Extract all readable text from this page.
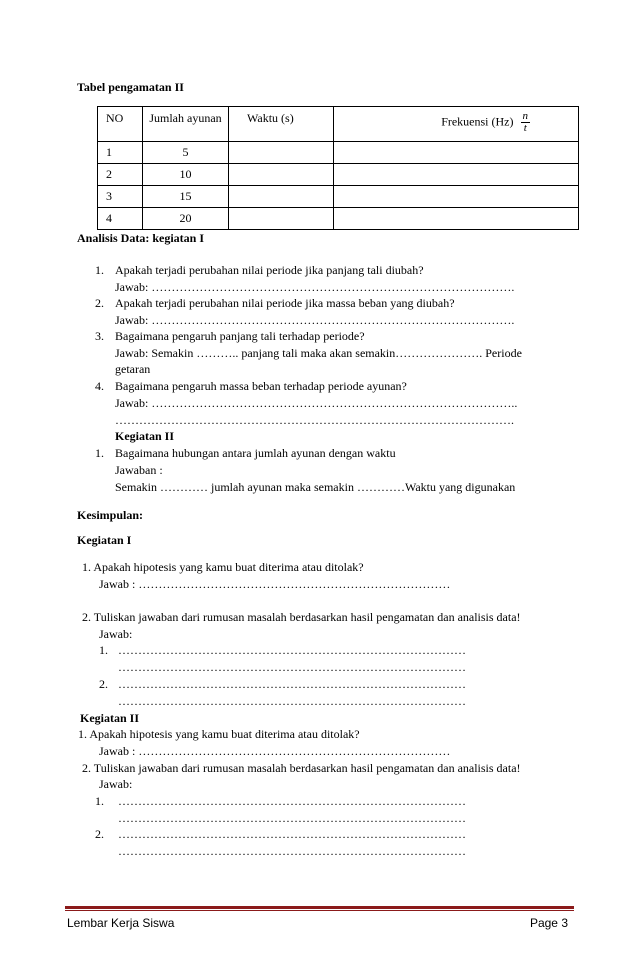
Tabel pengamatan II
NO	Jumlah ayunan	Waktu (s)	Frekuensi $(Hz) \frac{n}{t}$

1	5		
2	10		
3	15		
4	20		
Analisis Data: kegiatan I
1. Apakah terjadi perubahan nilai periode jika panjang tali diubah?
Jawab: ……………………………………………………………………………….
2. Apakah terjadi perubahan nilai periode jika massa beban yang diubah?
Jawab: ……………………………………………………………………………….
3. Bagaimana pengaruh panjang tali terhadap periode?
Jawab: Semakin ……….. panjang tali maka akan semakin…………………. Periode
getaran
4. Bagaimana pengaruh massa beban terhadap periode ayunan?
Jawab: ………………………………………………………………………………..
……………………………………………………………………………………….
Kegiatan II
1. Bagaimana hubungan antara jumlah ayunan dengan waktu
Jawaban :
Semakin ………… jumlah ayunan maka semakin …………Waktu yang digunakan
Kesimpulan:
Kegiatan I
1. Apakah hipotesis yang kamu buat diterima atau ditolak?
Jawab : ……………………………………………………………………
2. Tuliskan jawaban dari rumusan masalah berdasarkan hasil pengamatan dan analisis data!
Jawab:
1. ……………………………………………………………………………
……………………………………………………………………………
2. ……………………………………………………………………………
……………………………………………………………………………
Kegiatan II
1. Apakah hipotesis yang kamu buat diterima atau ditolak?
Jawab : ……………………………………………………………………
2. Tuliskan jawaban dari rumusan masalah berdasarkan hasil pengamatan dan analisis data!
Jawab:
1. ……………………………………………………………………………
……………………………………………………………………………
2. ……………………………………………………………………………
……………………………………………………………………………
Lembar Kerja Siswa	Page 3
